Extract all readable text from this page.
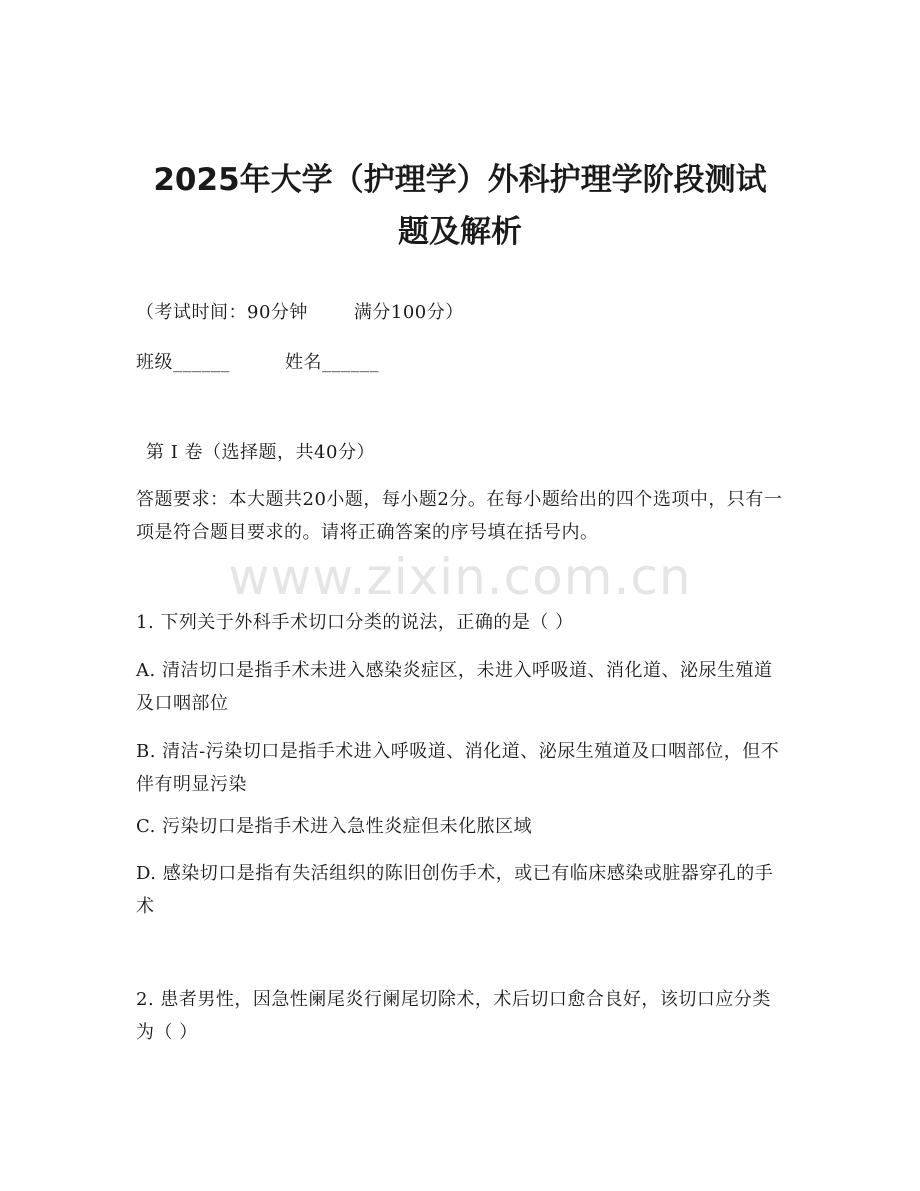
2025年大学（护理学）外科护理学阶段测试
题及解析
（考试时间：90分钟	满分100分）
班级______	姓名______
第 I 卷（选择题，共40分）
答题要求：本大题共20小题，每小题2分。在每小题给出的四个选项中，只有一项是符合题目要求的。请将正确答案的序号填在括号内。
www.zixin.com.cn
1. 下列关于外科手术切口分类的说法，正确的是（ ）
A. 清洁切口是指手术未进入感染炎症区，未进入呼吸道、消化道、泌尿生殖道及口咽部位
B. 清洁-污染切口是指手术进入呼吸道、消化道、泌尿生殖道及口咽部位，但不伴有明显污染
C. 污染切口是指手术进入急性炎症但未化脓区域
D. 感染切口是指有失活组织的陈旧创伤手术，或已有临床感染或脏器穿孔的手术
2. 患者男性，因急性阑尾炎行阑尾切除术，术后切口愈合良好，该切口应分类为（ ）
